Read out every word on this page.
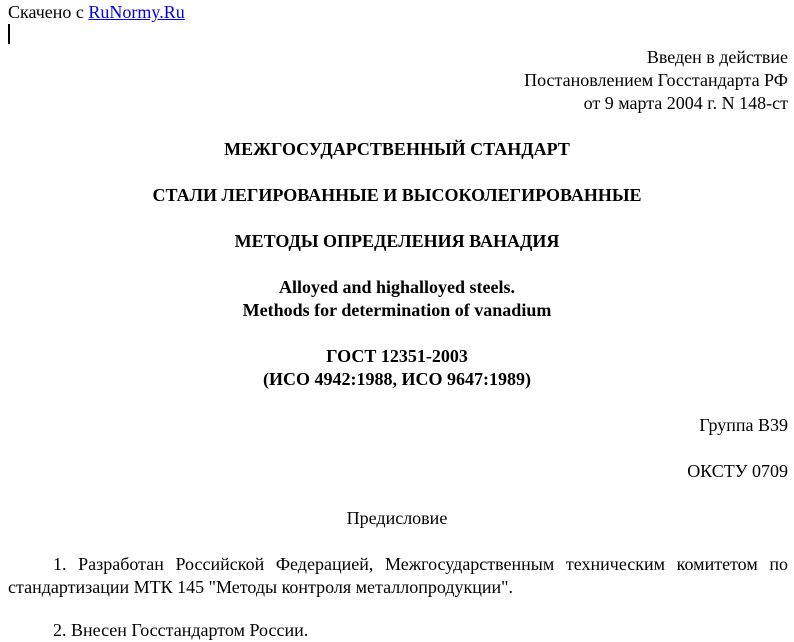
Скачено с RuNormy.Ru
Введен в действие
Постановлением Госстандарта РФ
от 9 марта 2004 г. N 148-ст
МЕЖГОСУДАРСТВЕННЫЙ СТАНДАРТ
СТАЛИ ЛЕГИРОВАННЫЕ И ВЫСОКОЛЕГИРОВАННЫЕ
МЕТОДЫ ОПРЕДЕЛЕНИЯ ВАНАДИЯ
Alloyed and highalloyed steels.
Methods for determination of vanadium
ГОСТ 12351-2003
(ИСО 4942:1988, ИСО 9647:1989)
Группа В39
ОКСТУ 0709
Предисловие
1. Разработан Российской Федерацией, Межгосударственным техническим комитетом по стандартизации МТК 145 "Методы контроля металлопродукции".
2. Внесен Госстандартом России.
